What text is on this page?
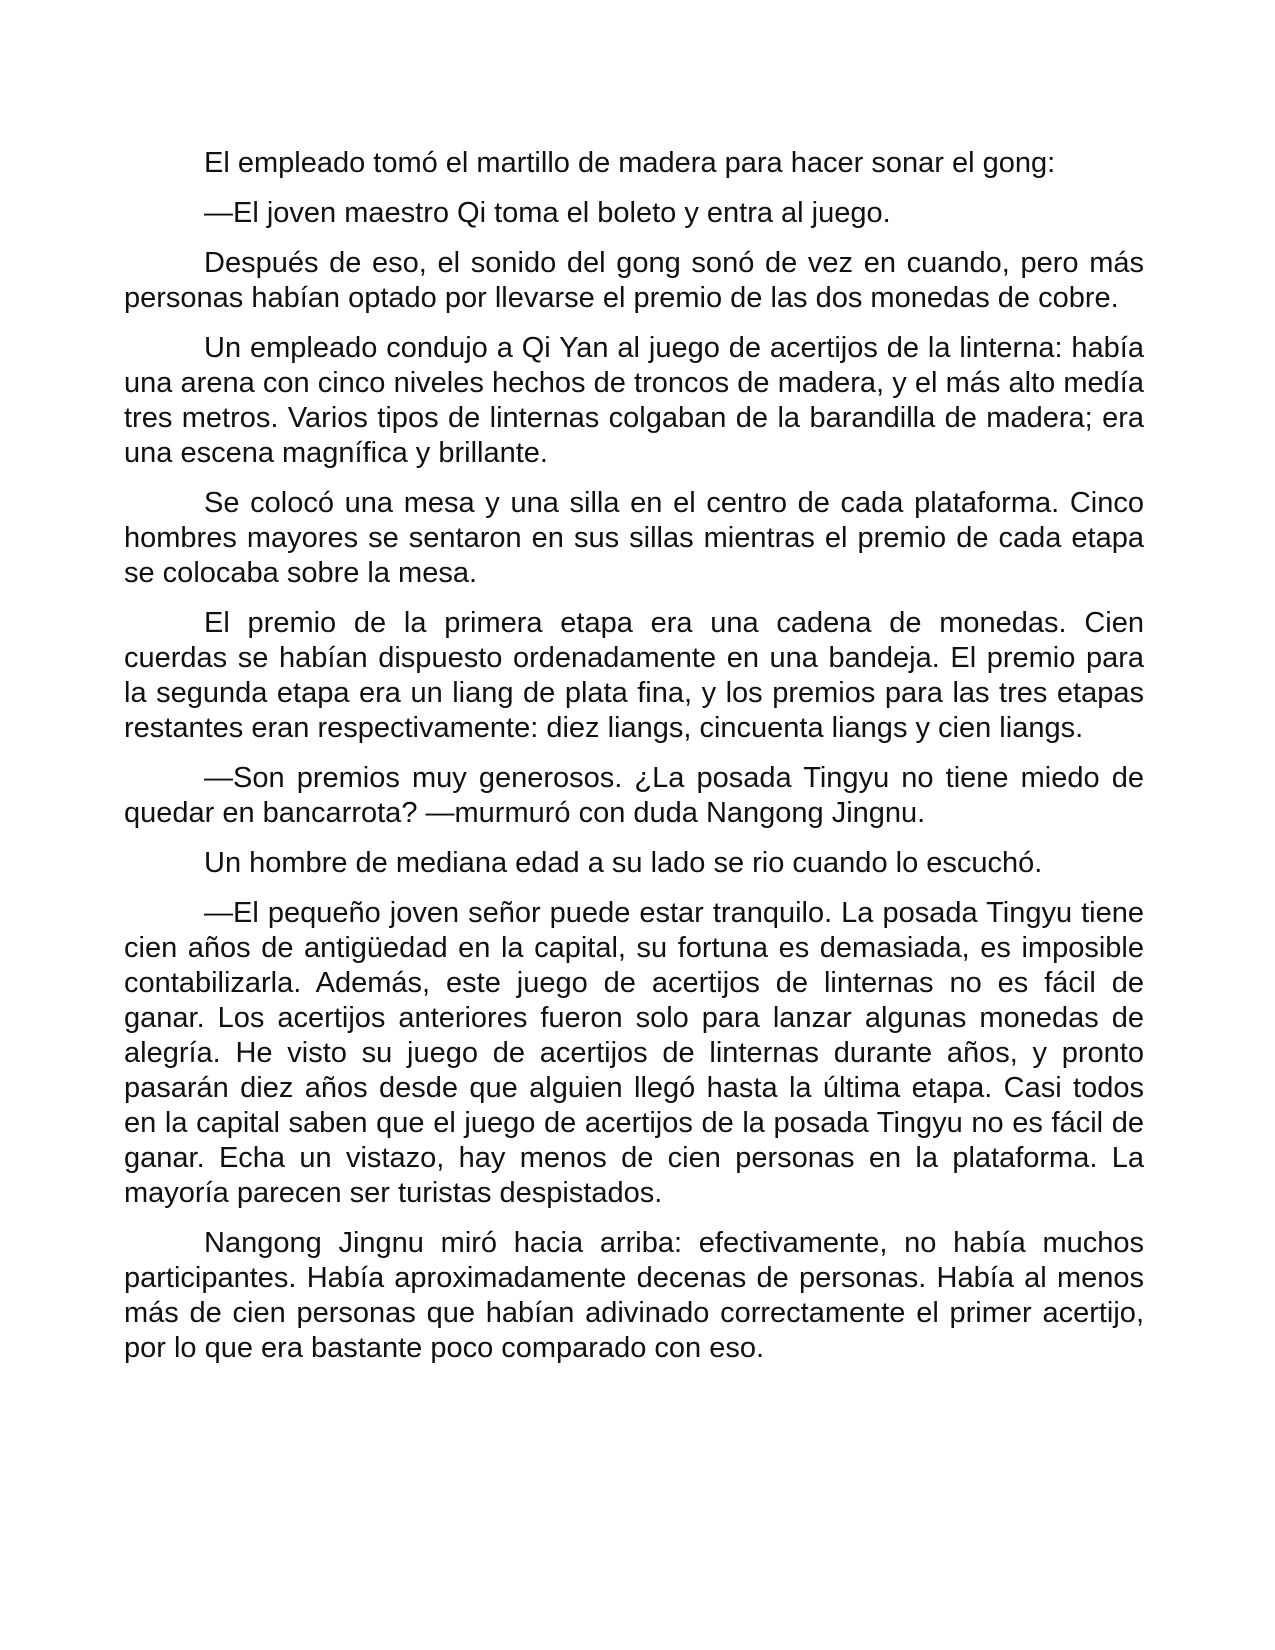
El empleado tomó el martillo de madera para hacer sonar el gong:

—El joven maestro Qi toma el boleto y entra al juego.

Después de eso, el sonido del gong sonó de vez en cuando, pero más personas habían optado por llevarse el premio de las dos monedas de cobre.

Un empleado condujo a Qi Yan al juego de acertijos de la linterna: había una arena con cinco niveles hechos de troncos de madera, y el más alto medía tres metros. Varios tipos de linternas colgaban de la barandilla de madera; era una escena magnífica y brillante.

Se colocó una mesa y una silla en el centro de cada plataforma. Cinco hombres mayores se sentaron en sus sillas mientras el premio de cada etapa se colocaba sobre la mesa.

El premio de la primera etapa era una cadena de monedas. Cien cuerdas se habían dispuesto ordenadamente en una bandeja. El premio para la segunda etapa era un liang de plata fina, y los premios para las tres etapas restantes eran respectivamente: diez liangs, cincuenta liangs y cien liangs.

—Son premios muy generosos. ¿La posada Tingyu no tiene miedo de quedar en bancarrota? —murmuró con duda Nangong Jingnu.

Un hombre de mediana edad a su lado se rio cuando lo escuchó.

—El pequeño joven señor puede estar tranquilo. La posada Tingyu tiene cien años de antigüedad en la capital, su fortuna es demasiada, es imposible contabilizarla. Además, este juego de acertijos de linternas no es fácil de ganar. Los acertijos anteriores fueron solo para lanzar algunas monedas de alegría. He visto su juego de acertijos de linternas durante años, y pronto pasarán diez años desde que alguien llegó hasta la última etapa. Casi todos en la capital saben que el juego de acertijos de la posada Tingyu no es fácil de ganar. Echa un vistazo, hay menos de cien personas en la plataforma. La mayoría parecen ser turistas despistados.

Nangong Jingnu miró hacia arriba: efectivamente, no había muchos participantes. Había aproximadamente decenas de personas. Había al menos más de cien personas que habían adivinado correctamente el primer acertijo, por lo que era bastante poco comparado con eso.
